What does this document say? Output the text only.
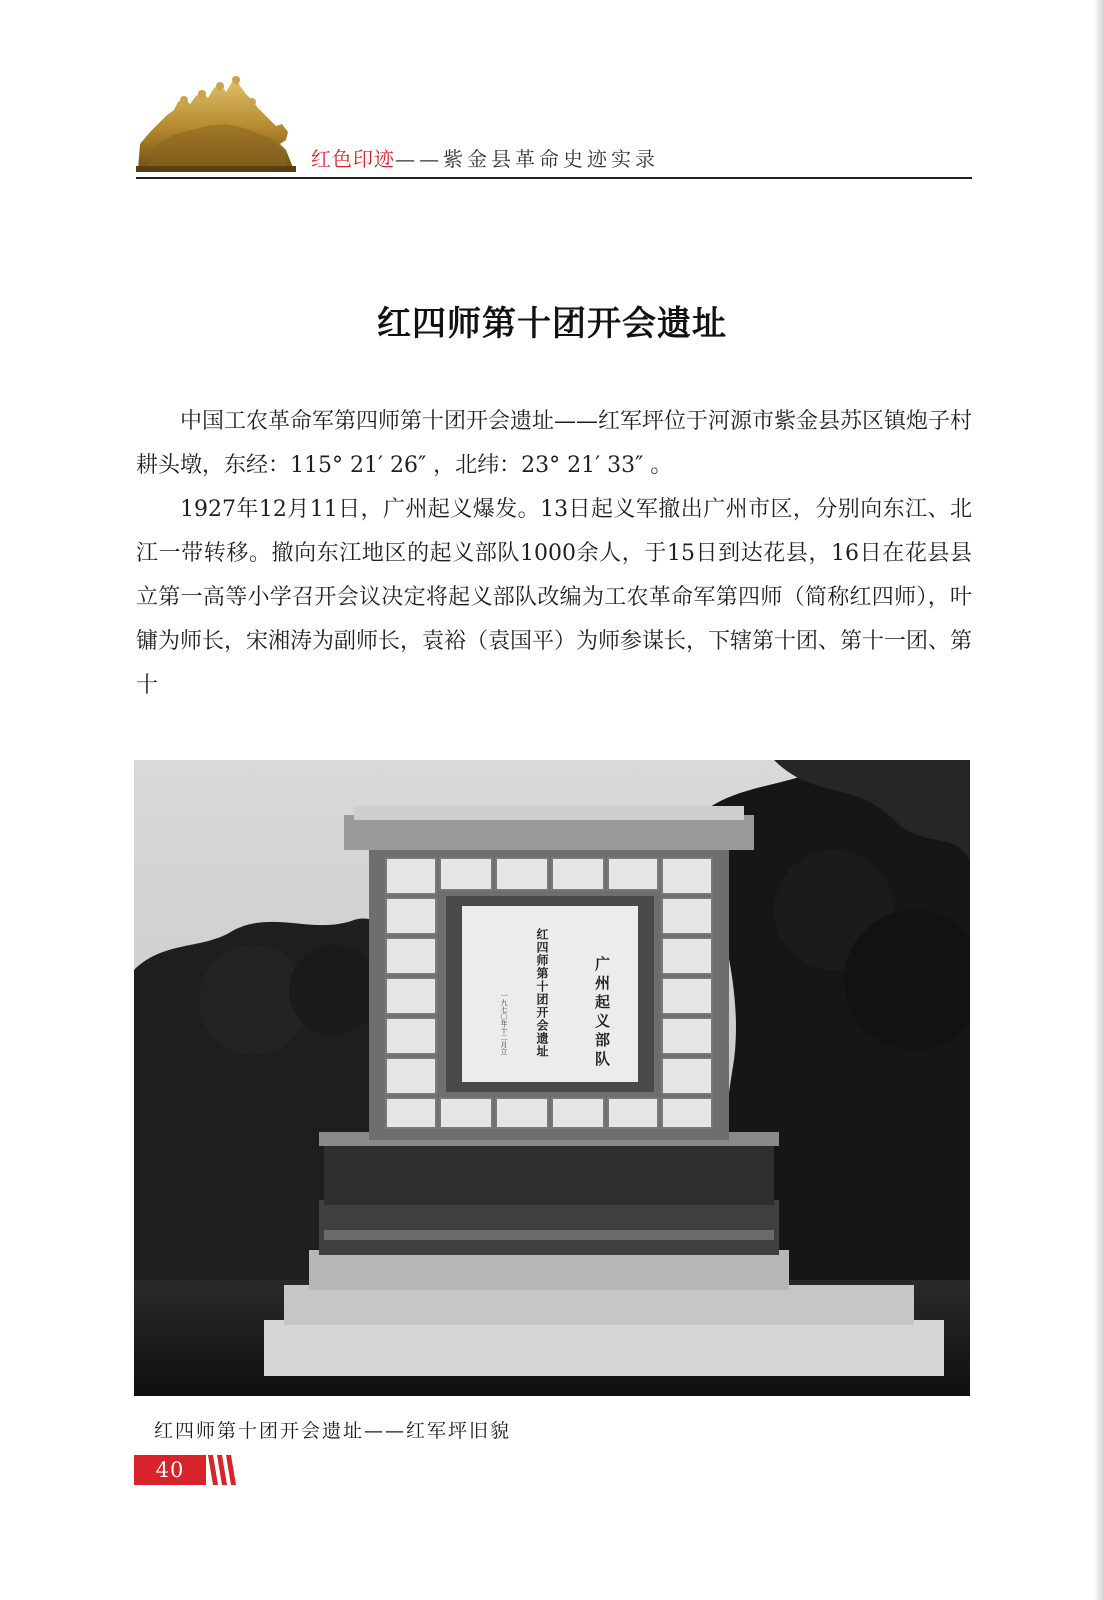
红色印迹——紫金县革命史迹实录
红四师第十团开会遗址

中国工农革命军第四师第十团开会遗址——红军坪位于河源市紫金县苏区镇炮子村耕头墩，东经：115° 21′ 26″ ，北纬：23° 21′ 33″ 。

1927年12月11日，广州起义爆发。13日起义军撤出广州市区，分别向东江、北江一带转移。撤向东江地区的起义部队1000余人，于15日到达花县，16日在花县县立第一高等小学召开会议决定将起义部队改编为工农革命军第四师（简称红四师），叶镛为师长，宋湘涛为副师长，袁裕（袁国平）为师参谋长，下辖第十团、第十一团、第十

广州起义部队
红四师第十团开会遗址
一九七〇年十二月立
红四师第十团开会遗址——红军坪旧貌
40
